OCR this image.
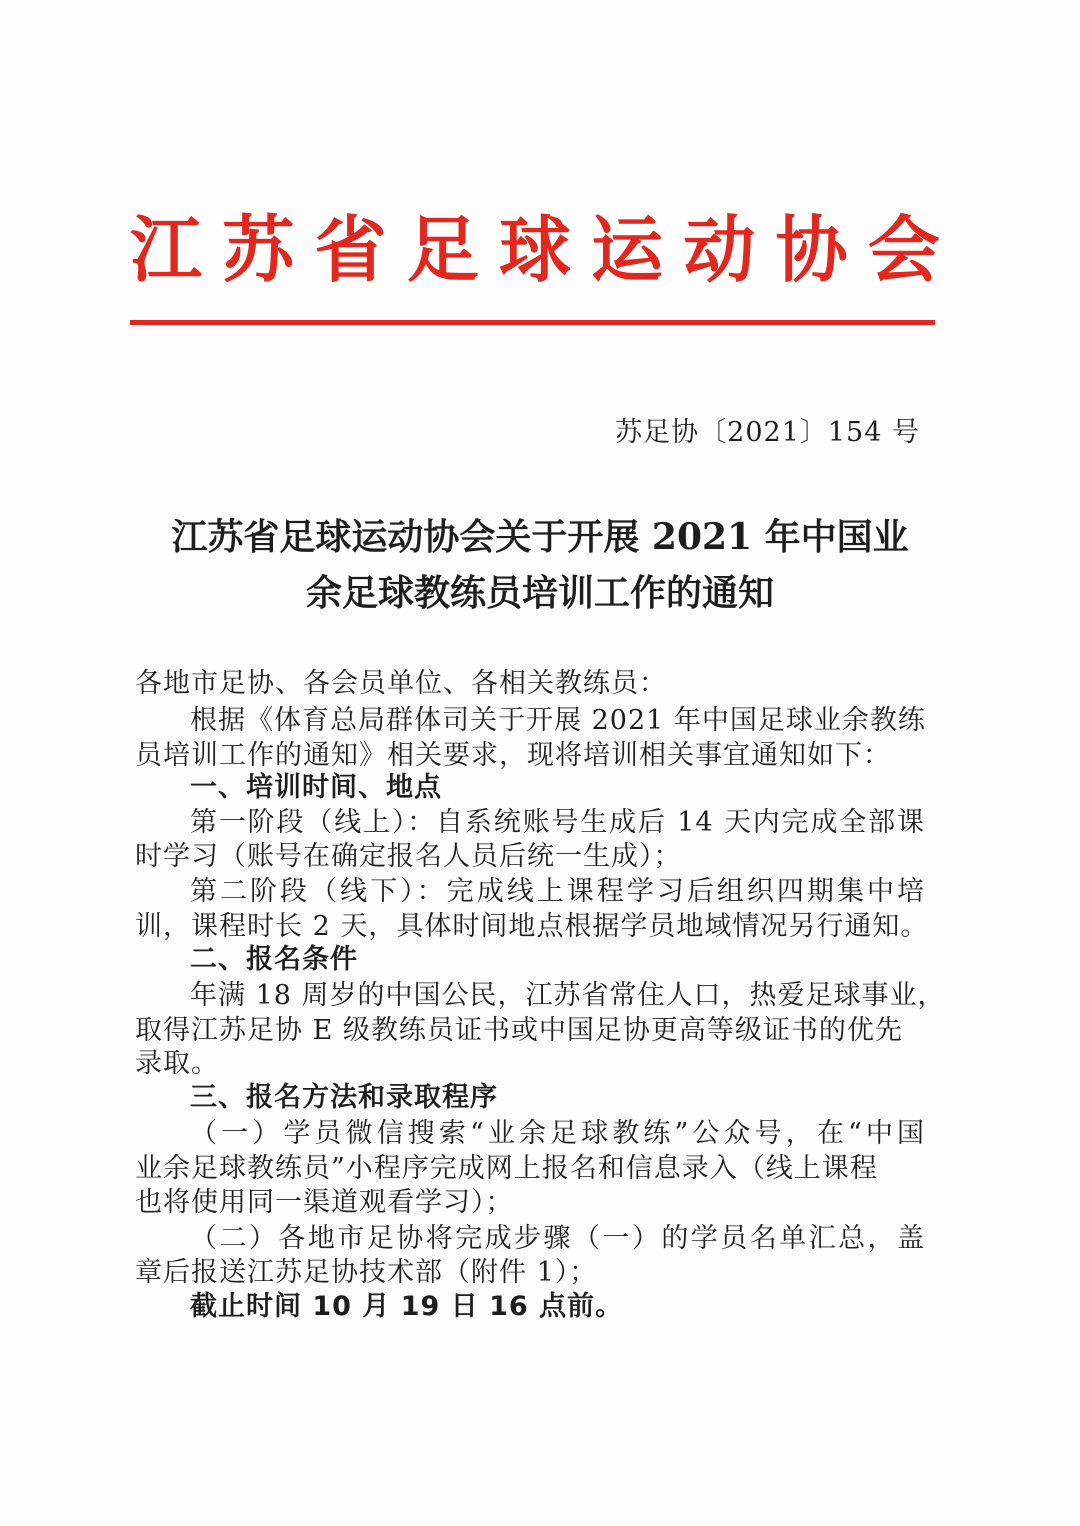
江 苏 省 足 球 运 动 协 会
苏足协〔2021〕154 号
江苏省足球运动协会关于开展 2021 年中国业
余足球教练员培训工作的通知
各地市足协、各会员单位、各相关教练员：
根据《体育总局群体司关于开展 2021 年中国足球业余教练
员培训工作的通知》相关要求，现将培训相关事宜通知如下：
一、培训时间、地点
第一阶段（线上）：自系统账号生成后 14 天内完成全部课
时学习（账号在确定报名人员后统一生成）；
第二阶段（线下）：完成线上课程学习后组织四期集中培
训，课程时长 2 天，具体时间地点根据学员地域情况另行通知。
二、报名条件
年满 18 周岁的中国公民，江苏省常住人口，热爱足球事业，
取得江苏足协 E 级教练员证书或中国足协更高等级证书的优先
录取。
三、报名方法和录取程序
（一）学员微信搜索“业余足球教练”公众号，在“中国
业余足球教练员”小程序完成网上报名和信息录入（线上课程
也将使用同一渠道观看学习）；
（二）各地市足协将完成步骤（一）的学员名单汇总，盖
章后报送江苏足协技术部（附件 1）；
截止时间 10 月 19 日 16 点前。
